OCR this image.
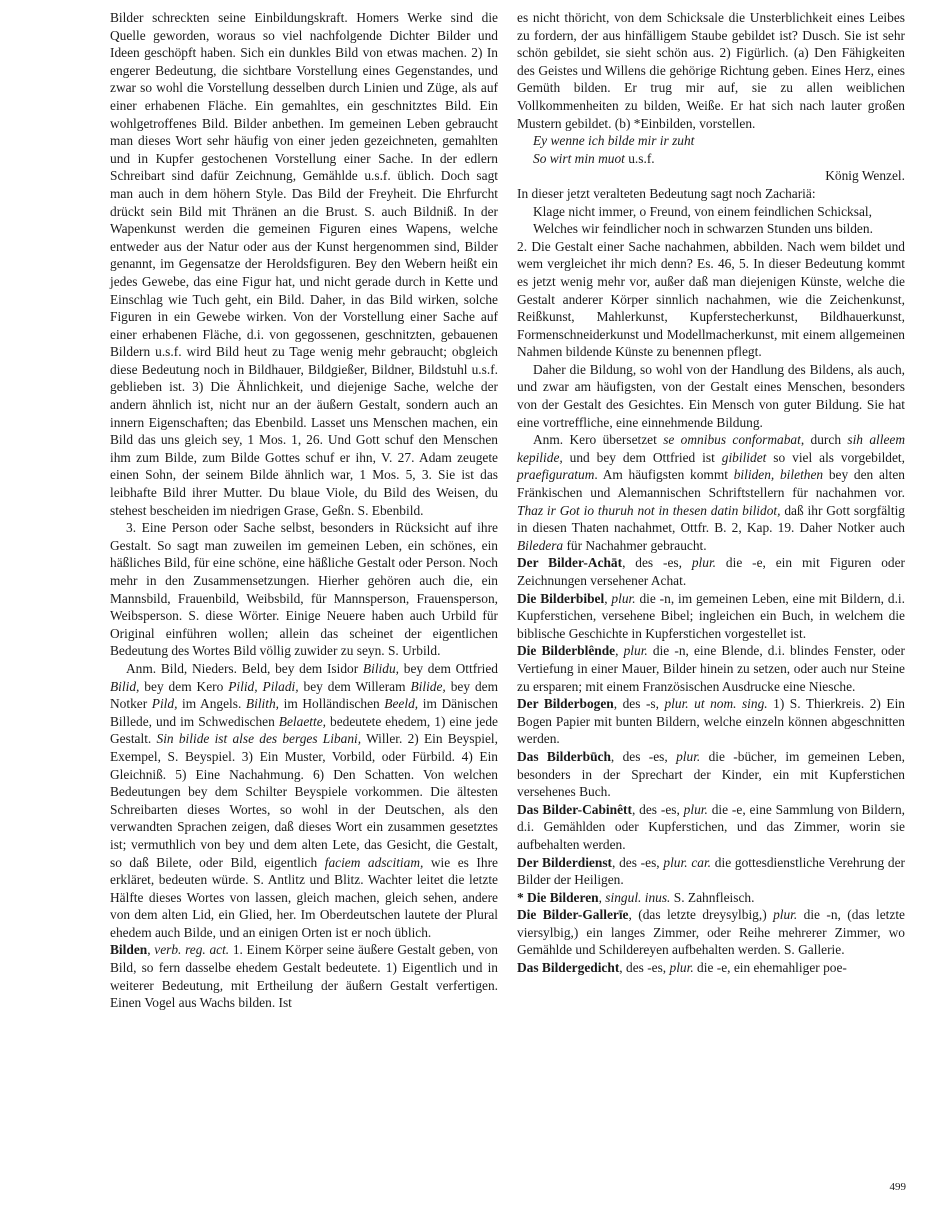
Bilder schreckten seine Einbildungskraft. Homers Werke sind die Quelle geworden, woraus so viel nachfolgende Dichter Bilder und Ideen geschöpft haben. Sich ein dunkles Bild von etwas machen. 2) In engerer Bedeutung, die sichtbare Vorstellung eines Gegenstandes, und zwar so wohl die Vorstellung desselben durch Linien und Züge, als auf einer erhabenen Fläche. Ein gemahltes, ein geschnitztes Bild. Ein wohlgetroffenes Bild. Bilder anbethen. Im gemeinen Leben gebraucht man dieses Wort sehr häufig von einer jeden gezeichneten, gemahlten und in Kupfer gestochenen Vorstellung einer Sache. In der edlern Schreibart sind dafür Zeichnung, Gemählde u.s.f. üblich. Doch sagt man auch in dem höhern Style. Das Bild der Freyheit. Die Ehrfurcht drückt sein Bild mit Thränen an die Brust. S. auch Bildniß. In der Wapenkunst werden die gemeinen Figuren eines Wapens, welche entweder aus der Natur oder aus der Kunst hergenommen sind, Bilder genannt, im Gegensatze der Heroldsfiguren. Bey den Webern heißt ein jedes Gewebe, das eine Figur hat, und nicht gerade durch in Kette und Einschlag wie Tuch geht, ein Bild. Daher, in das Bild wirken, solche Figuren in ein Gewebe wirken. Von der Vorstellung einer Sache auf einer erhabenen Fläche, d.i. von gegossenen, geschnitzten, gebauenen Bildern u.s.f. wird Bild heut zu Tage wenig mehr gebraucht; obgleich diese Bedeutung noch in Bildhauer, Bildgießer, Bildner, Bildstuhl u.s.f. geblieben ist. 3) Die Ähnlichkeit, und diejenige Sache, welche der andern ähnlich ist, nicht nur an der äußern Gestalt, sondern auch an innern Eigenschaften; das Ebenbild. Lasset uns Menschen machen, ein Bild das uns gleich sey, 1 Mos. 1, 26. Und Gott schuf den Menschen ihm zum Bilde, zum Bilde Gottes schuf er ihn, V. 27. Adam zeugete einen Sohn, der seinem Bilde ähnlich war, 1 Mos. 5, 3. Sie ist das leibhafte Bild ihrer Mutter. Du blaue Viole, du Bild des Weisen, du stehest bescheiden im niedrigen Grase, Geßn. S. Ebenbild.

3. Eine Person oder Sache selbst, besonders in Rücksicht auf ihre Gestalt. So sagt man zuweilen im gemeinen Leben, ein schönes, ein häßliches Bild, für eine schöne, eine häßliche Gestalt oder Person. Noch mehr in den Zusammensetzungen. Hierher gehören auch die, ein Mannsbild, Frauenbild, Weibsbild, für Mannsperson, Frauensperson, Weibsperson. S. diese Wörter. Einige Neuere haben auch Urbild für Original einführen wollen; allein das scheinet der eigentlichen Bedeutung des Wortes Bild völlig zuwider zu seyn. S. Urbild.

Anm. Bild, Nieders. Beld, bey dem Isidor Bilidu, bey dem Ottfried Bilid, bey dem Kero Pilid, Piladi, bey dem Willeram Bilide, bey dem Notker Pild, im Angels. Bilith, im Holländischen Beeld, im Dänischen Billede, und im Schwedischen Belaette, bedeutete ehedem, 1) eine jede Gestalt. Sin bilide ist alse des berges Libani, Willer. 2) Ein Beyspiel, Exempel, S. Beyspiel. 3) Ein Muster, Vorbild, oder Fürbild. 4) Ein Gleichniß. 5) Eine Nachahmung. 6) Den Schatten. Von welchen Bedeutungen bey dem Schilter Beyspiele vorkommen. Die ältesten Schreibarten dieses Wortes, so wohl in der Deutschen, als den verwandten Sprachen zeigen, daß dieses Wort ein zusammen gesetztes ist; vermuthlich von bey und dem alten Lete, das Gesicht, die Gestalt, so daß Bilete, oder Bild, eigentlich faciem adscitiam, wie es Ihre erkläret, bedeuten würde. S. Antlitz und Blitz. Wachter leitet die letzte Hälfte dieses Wortes von lassen, gleich machen, gleich sehen, andere von dem alten Lid, ein Glied, her. Im Oberdeutschen lautete der Plural ehedem auch Bilde, und an einigen Orten ist er noch üblich.

Bilden, verb. reg. act. 1. Einem Körper seine äußere Gestalt geben, von Bild, so fern dasselbe ehedem Gestalt bedeutete. 1) Eigentlich und in weiterer Bedeutung, mit Ertheilung der äußern Gestalt verfertigen. Einen Vogel aus Wachs bilden. Ist

es nicht thöricht, von dem Schicksale die Unsterblichkeit eines Leibes zu fordern, der aus hinfälligem Staube gebildet ist? Dusch. Sie ist sehr schön gebildet, sie sieht schön aus. 2) Figürlich. (a) Den Fähigkeiten des Geistes und Willens die gehörige Richtung geben. Eines Herz, eines Gemüth bilden. Er trug mir auf, sie zu allen weiblichen Vollkommenheiten zu bilden, Weiße. Er hat sich nach lauter großen Mustern gebildet. (b) *Einbilden, vorstellen.

Ey wenne ich bilde mir ir zuht

So wirt min muot u.s.f.

König Wenzel.

In dieser jetzt veralteten Bedeutung sagt noch Zachariä:

Klage nicht immer, o Freund, von einem feindlichen Schicksal,

Welches wir feindlicher noch in schwarzen Stunden uns bilden.

2. Die Gestalt einer Sache nachahmen, abbilden. Nach wem bildet und wem vergleichet ihr mich denn? Es. 46, 5. In dieser Bedeutung kommt es jetzt wenig mehr vor, außer daß man diejenigen Künste, welche die Gestalt anderer Körper sinnlich nachahmen, wie die Zeichenkunst, Reißkunst, Mahlerkunst, Kupferstecherkunst, Bildhauerkunst, Formenschneiderkunst und Modellmacherkunst, mit einem allgemeinen Nahmen bildende Künste zu benennen pflegt.

Daher die Bildung, so wohl von der Handlung des Bildens, als auch, und zwar am häufigsten, von der Gestalt eines Menschen, besonders von der Gestalt des Gesichtes. Ein Mensch von guter Bildung. Sie hat eine vortreffliche, eine einnehmende Bildung.

Anm. Kero übersetzet se omnibus conformabat, durch sih alleem kepilide, und bey dem Ottfried ist gibilidet so viel als vorgebildet, praefiguratum. Am häufigsten kommt biliden, bilethen bey den alten Fränkischen und Alemannischen Schriftstellern für nachahmen vor. Thaz ir Got io thuruh not in thesen datin bilidot, daß ihr Gott sorgfältig in diesen Thaten nachahmet, Ottfr. B. 2, Kap. 19. Daher Notker auch Biledera für Nachahmer gebraucht.

Der Bilder-Achāt, des -es, plur. die -e, ein mit Figuren oder Zeichnungen versehener Achat.

Die Bilderbibel, plur. die -n, im gemeinen Leben, eine mit Bildern, d.i. Kupferstichen, versehene Bibel; ingleichen ein Buch, in welchem die biblische Geschichte in Kupferstichen vorgestellet ist.

Die Bilderblênde, plur. die -n, eine Blende, d.i. blindes Fenster, oder Vertiefung in einer Mauer, Bilder hinein zu setzen, oder auch nur Steine zu ersparen; mit einem Französischen Ausdrucke eine Niesche.

Der Bilderbogen, des -s, plur. ut nom. sing. 1) S. Thierkreis. 2) Ein Bogen Papier mit bunten Bildern, welche einzeln können abgeschnitten werden.

Das Bilderbūch, des -es, plur. die -bücher, im gemeinen Leben, besonders in der Sprechart der Kinder, ein mit Kupferstichen versehenes Buch.

Das Bilder-Cabinêtt, des -es, plur. die -e, eine Sammlung von Bildern, d.i. Gemählden oder Kupferstichen, und das Zimmer, worin sie aufbehalten werden.

Der Bilderdienst, des -es, plur. car. die gottesdienstliche Verehrung der Bilder der Heiligen.

* Die Bilderen, singul. inus. S. Zahnfleisch.

Die Bilder-Gallerīe, (das letzte dreysylbig,) plur. die -n, (das letzte viersylbig,) ein langes Zimmer, oder Reihe mehrerer Zimmer, wo Gemählde und Schildereyen aufbehalten werden. S. Gallerie.

Das Bildergedicht, des -es, plur. die -e, ein ehemahliger poe-

499
